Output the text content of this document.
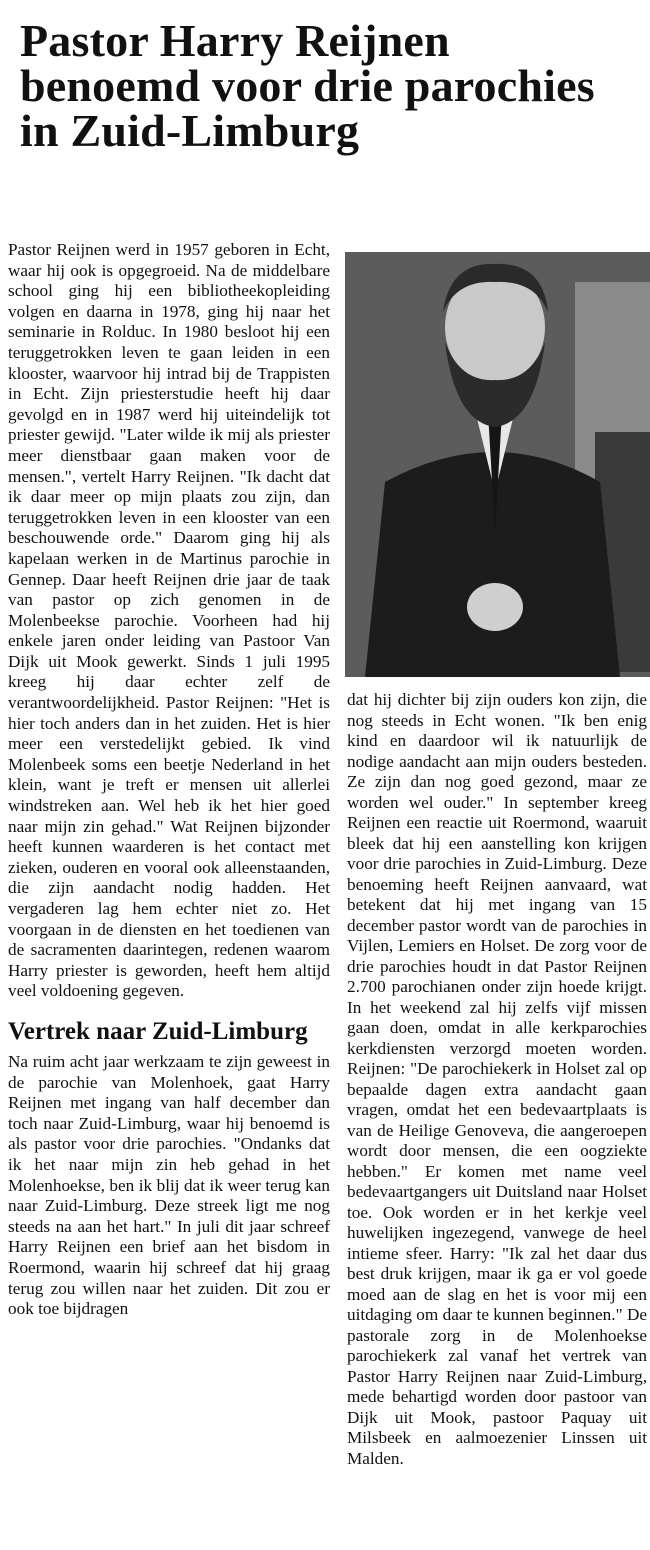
Pastor Harry Reijnen benoemd voor drie parochies in Zuid-Limburg

Pastor Reijnen werd in 1957 geboren in Echt, waar hij ook is opgegroeid. Na de middelbare school ging hij een bibliotheekopleiding volgen en daarna in 1978, ging hij naar het seminarie in Rolduc. In 1980 besloot hij een teruggetrokken leven te gaan leiden in een klooster, waarvoor hij intrad bij de Trappisten in Echt. Zijn priesterstudie heeft hij daar gevolgd en in 1987 werd hij uiteindelijk tot priester gewijd. "Later wilde ik mij als priester meer dienstbaar gaan maken voor de mensen.", vertelt Harry Reijnen. "Ik dacht dat ik daar meer op mijn plaats zou zijn, dan teruggetrokken leven in een klooster van een beschouwende orde." Daarom ging hij als kapelaan werken in de Martinus parochie in Gennep. Daar heeft Reijnen drie jaar de taak van pastor op zich genomen in de Molenbeekse parochie. Voorheen had hij enkele jaren onder leiding van Pastoor Van Dijk uit Mook gewerkt. Sinds 1 juli 1995 kreeg hij daar echter zelf de verantwoordelijkheid. Pastor Reijnen: "Het is hier toch anders dan in het zuiden. Het is hier meer een verstedelijkt gebied. Ik vind Molenbeek soms een beetje Nederland in het klein, want je treft er mensen uit allerlei windstreken aan. Wel heb ik het hier goed naar mijn zin gehad." Wat Reijnen bijzonder heeft kunnen waarderen is het contact met zieken, ouderen en vooral ook alleenstaanden, die zijn aandacht nodig hadden. Het vergaderen lag hem echter niet zo. Het voorgaan in de diensten en het toedienen van de sacramenten daarintegen, redenen waarom Harry priester is geworden, heeft hem altijd veel voldoening gegeven.

Vertrek naar Zuid-Limburg

Na ruim acht jaar werkzaam te zijn geweest in de parochie van Molenhoek, gaat Harry Reijnen met ingang van half december dan toch naar Zuid-Limburg, waar hij benoemd is als pastor voor drie parochies. "Ondanks dat ik het naar mijn zin heb gehad in het Molenhoekse, ben ik blij dat ik weer terug kan naar Zuid-Limburg. Deze streek ligt me nog steeds na aan het hart." In juli dit jaar schreef Harry Reijnen een brief aan het bisdom in Roermond, waarin hij schreef dat hij graag terug zou willen naar het zuiden. Dit zou er ook toe bijdragen

dat hij dichter bij zijn ouders kon zijn, die nog steeds in Echt wonen. "Ik ben enig kind en daardoor wil ik natuurlijk de nodige aandacht aan mijn ouders besteden. Ze zijn dan nog goed gezond, maar ze worden wel ouder." In september kreeg Reijnen een reactie uit Roermond, waaruit bleek dat hij een aanstelling kon krijgen voor drie parochies in Zuid-Limburg. Deze benoeming heeft Reijnen aanvaard, wat betekent dat hij met ingang van 15 december pastor wordt van de parochies in Vijlen, Lemiers en Holset. De zorg voor de drie parochies houdt in dat Pastor Reijnen 2.700 parochianen onder zijn hoede krijgt. In het weekend zal hij zelfs vijf missen gaan doen, omdat in alle kerkparochies kerkdiensten verzorgd moeten worden. Reijnen: "De parochiekerk in Holset zal op bepaalde dagen extra aandacht gaan vragen, omdat het een bedevaartplaats is van de Heilige Genoveva, die aangeroepen wordt door mensen, die een oogziekte hebben." Er komen met name veel bedevaartgangers uit Duitsland naar Holset toe. Ook worden er in het kerkje veel huwelijken ingezegend, vanwege de heel intieme sfeer. Harry: "Ik zal het daar dus best druk krijgen, maar ik ga er vol goede moed aan de slag en het is voor mij een uitdaging om daar te kunnen beginnen." De pastorale zorg in de Molenhoekse parochiekerk zal vanaf het vertrek van Pastor Harry Reijnen naar Zuid-Limburg, mede behartigd worden door pastoor van Dijk uit Mook, pastoor Paquay uit Milsbeek en aalmoezenier Linssen uit Malden.
